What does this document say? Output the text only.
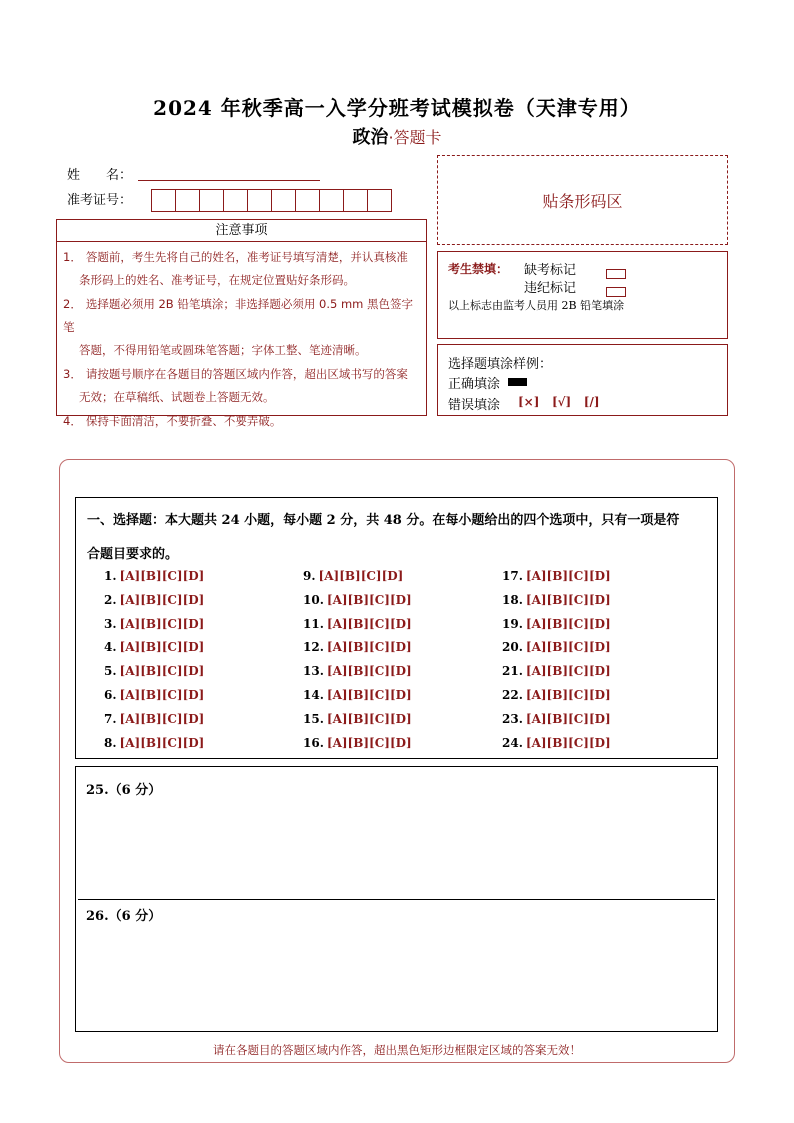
2024 年秋季高一入学分班考试模拟卷（天津专用）
政治·答题卡
姓　　名：
准考证号：	贴条形码区
注意事项

1． 答题前，考生先将自己的姓名，准考证号填写清楚，并认真核准
条形码上的姓名、准考证号，在规定位置贴好条形码。

2． 选择题必须用 2B 铅笔填涂；非选择题必须用 0.5 mm 黑色签字笔
答题，不得用铅笔或圆珠笔答题；字体工整、笔迹清晰。

3． 请按题号顺序在各题目的答题区域内作答，超出区域书写的答案
无效；在草稿纸、试题卷上答题无效。

4． 保持卡面清洁，不要折叠、不要弄破。

考生禁填： 缺考标记
违纪标记
以上标志由监考人员用 2B 铅笔填涂
选择题填涂样例：
正确填涂
错误填涂 [×] [√] [/]
一、选择题：本大题共 24 小题，每小题 2 分，共 48 分。在每小题给出的四个选项中，只有一项是符
合题目要求的。
1. [A][B][C][D]
2. [A][B][C][D]
3. [A][B][C][D]
4. [A][B][C][D]
5. [A][B][C][D]
6. [A][B][C][D]
7. [A][B][C][D]
8. [A][B][C][D]
9. [A][B][C][D]
10. [A][B][C][D]
11. [A][B][C][D]
12. [A][B][C][D]
13. [A][B][C][D]
14. [A][B][C][D]
15. [A][B][C][D]
16. [A][B][C][D]
17. [A][B][C][D]
18. [A][B][C][D]
19. [A][B][C][D]
20. [A][B][C][D]
21. [A][B][C][D]
22. [A][B][C][D]
23. [A][B][C][D]
24. [A][B][C][D]
25.（6 分）
26.（6 分）
请在各题目的答题区域内作答，超出黑色矩形边框限定区域的答案无效！
